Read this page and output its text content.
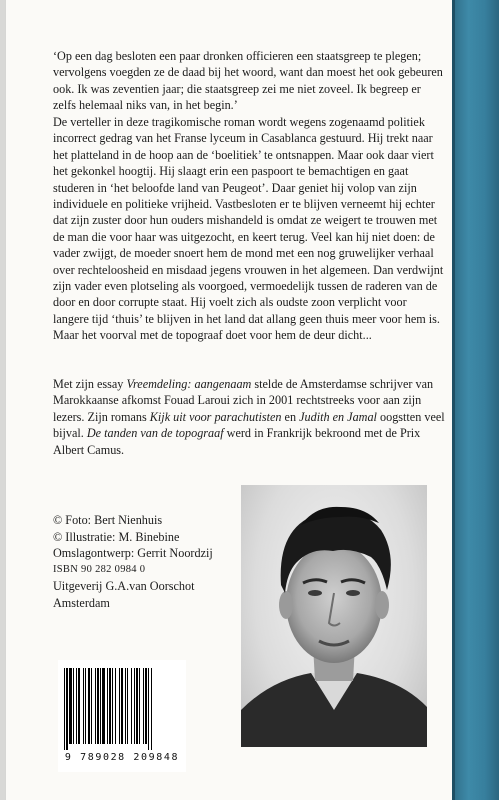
‘Op een dag besloten een paar dronken officieren een staatsgreep te plegen; vervolgens voegden ze de daad bij het woord, want dan moest het ook gebeuren ook. Ik was zeventien jaar; die staatsgreep zei me niet zoveel. Ik begreep er zelfs helemaal niks van, in het begin.’

De verteller in deze tragikomische roman wordt wegens zogenaamd politiek incorrect gedrag van het Franse lyceum in Casablanca gestuurd. Hij trekt naar het platteland in de hoop aan de ‘boelitiek’ te ontsnappen. Maar ook daar viert het gekonkel hoogtij. Hij slaagt erin een paspoort te bemachtigen en gaat studeren in ‘het beloofde land van Peugeot’. Daar geniet hij volop van zijn individuele en politieke vrijheid. Vastbesloten er te blijven verneemt hij echter dat zijn zuster door hun ouders mishandeld is omdat ze weigert te trouwen met de man die voor haar was uitgezocht, en keert terug. Veel kan hij niet doen: de vader zwijgt, de moeder snoert hem de mond met een nog gruwelijker verhaal over rechteloosheid en misdaad jegens vrouwen in het algemeen. Dan verdwijnt zijn vader even plotseling als voorgoed, vermoedelijk tussen de raderen van de door en door corrupte staat. Hij voelt zich als oudste zoon verplicht voor langere tijd ‘thuis’ te blijven in het land dat allang geen thuis meer voor hem is. Maar het voorval met de topograaf doet voor hem de deur dicht...

Met zijn essay Vreemdeling: aangenaam stelde de Amsterdamse schrijver van Marokkaanse afkomst Fouad Laroui zich in 2001 rechtstreeks voor aan zijn lezers. Zijn romans Kijk uit voor parachutisten en Judith en Jamal oogstten veel bijval. De tanden van de topograaf werd in Frankrijk bekroond met de Prix Albert Camus.

© Foto: Bert Nienhuis
© Illustratie: M. Binebine
Omslagontwerp: Gerrit Noordzij
ISBN 90 282 0984 0
Uitgeverij G.A.van Oorschot
Amsterdam
9 789028 209848
